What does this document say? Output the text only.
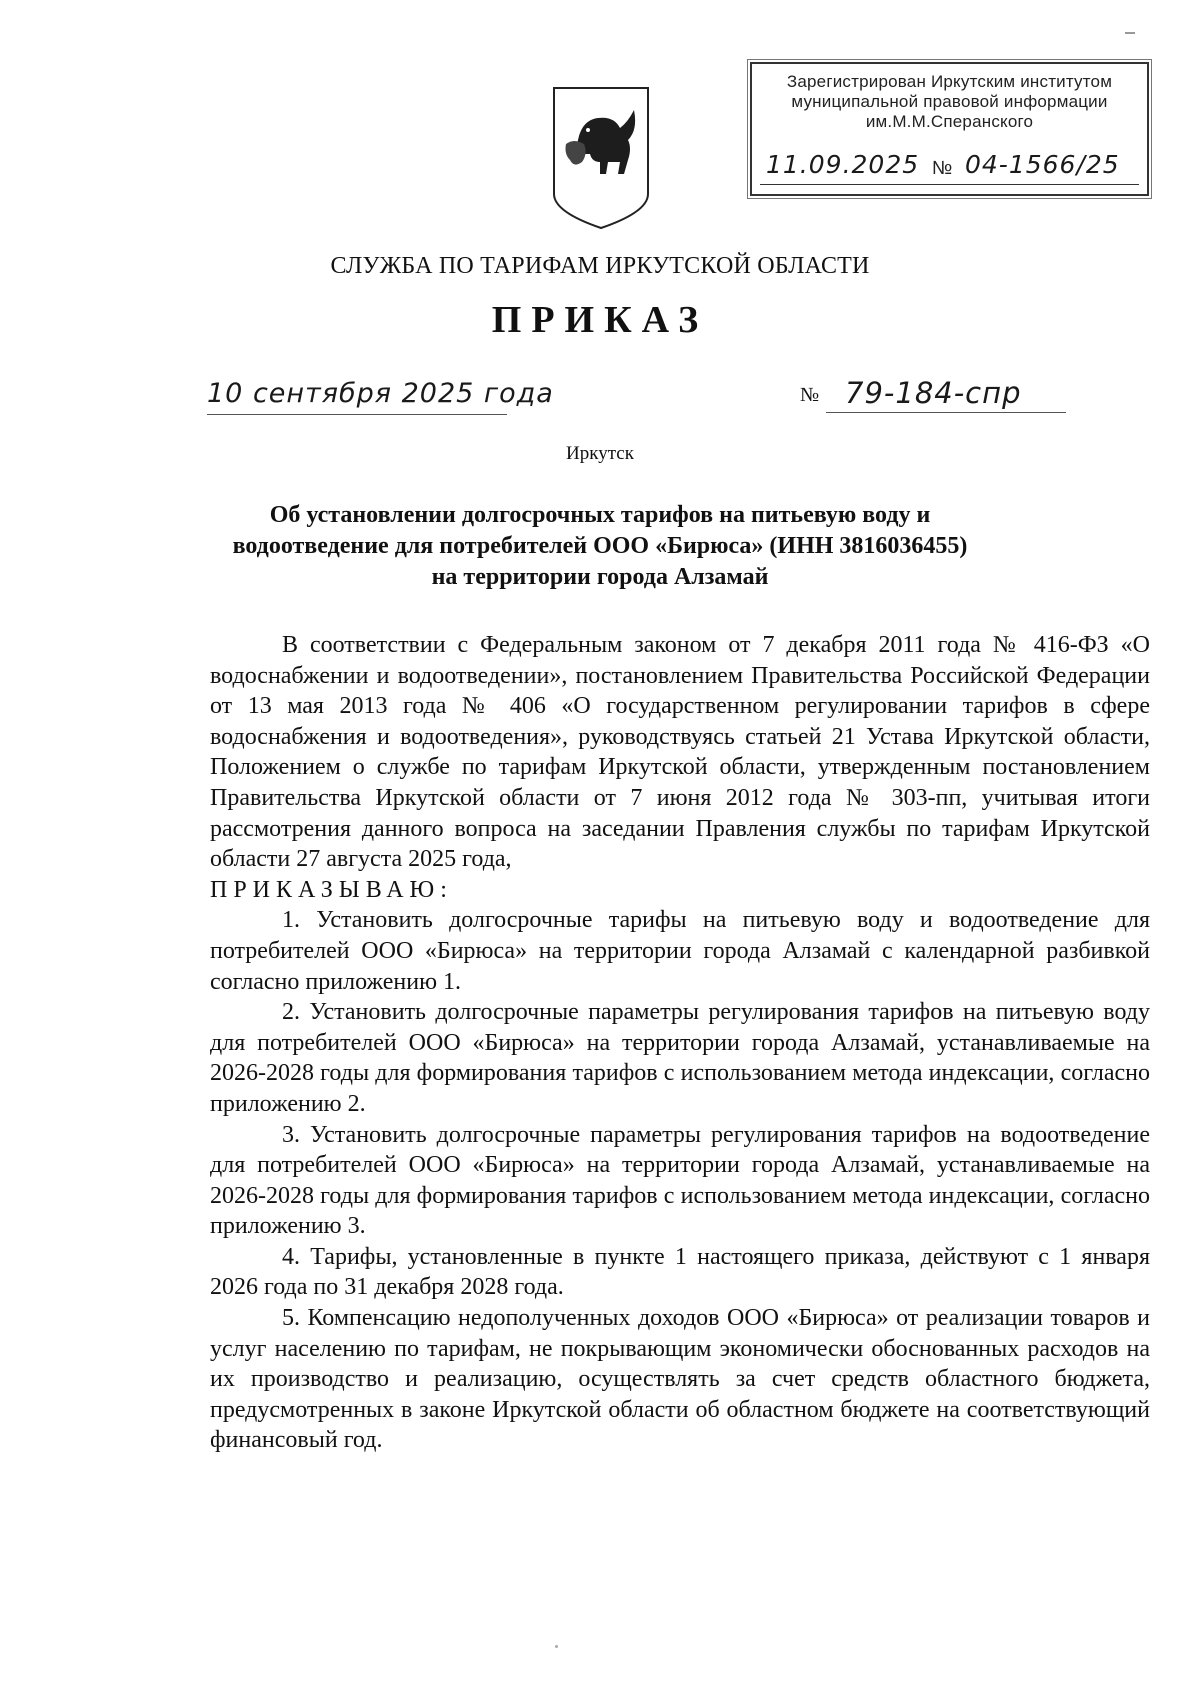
Зарегистрирован Иркутским институтом
муниципальной правовой информации
им.М.М.Сперанского
11.09.2025 № 04-1566/25
СЛУЖБА ПО ТАРИФАМ ИРКУТСКОЙ ОБЛАСТИ
ПРИКАЗ
10 сентября 2025 года	№ 79-184-спр
Иркутск
Об установлении долгосрочных тарифов на питьевую воду и
водоотведение для потребителей ООО «Бирюса» (ИНН 3816036455)
на территории города Алзамай

В соответствии с Федеральным законом от 7 декабря 2011 года № 416-ФЗ «О водоснабжении и водоотведении», постановлением Правительства Российской Федерации от 13 мая 2013 года № 406 «О государственном регулировании тарифов в сфере водоснабжения и водоотведения», руководствуясь статьей 21 Устава Иркутской области, Положением о службе по тарифам Иркутской области, утвержденным постановлением Правительства Иркутской области от 7 июня 2012 года № 303-пп, учитывая итоги рассмотрения данного вопроса на заседании Правления службы по тарифам Иркутской области 27 августа 2025 года,

ПРИКАЗЫВАЮ:

1. Установить долгосрочные тарифы на питьевую воду и водоотведение для потребителей ООО «Бирюса» на территории города Алзамай с календарной разбивкой согласно приложению 1.

2. Установить долгосрочные параметры регулирования тарифов на питьевую воду для потребителей ООО «Бирюса» на территории города Алзамай, устанавливаемые на 2026-2028 годы для формирования тарифов с использованием метода индексации, согласно приложению 2.

3. Установить долгосрочные параметры регулирования тарифов на водоотведение для потребителей ООО «Бирюса» на территории города Алзамай, устанавливаемые на 2026-2028 годы для формирования тарифов с использованием метода индексации, согласно приложению 3.

4. Тарифы, установленные в пункте 1 настоящего приказа, действуют с 1 января 2026 года по 31 декабря 2028 года.

5. Компенсацию недополученных доходов ООО «Бирюса» от реализации товаров и услуг населению по тарифам, не покрывающим экономически обоснованных расходов на их производство и реализацию, осуществлять за счет средств областного бюджета, предусмотренных в законе Иркутской области об областном бюджете на соответствующий финансовый год.
